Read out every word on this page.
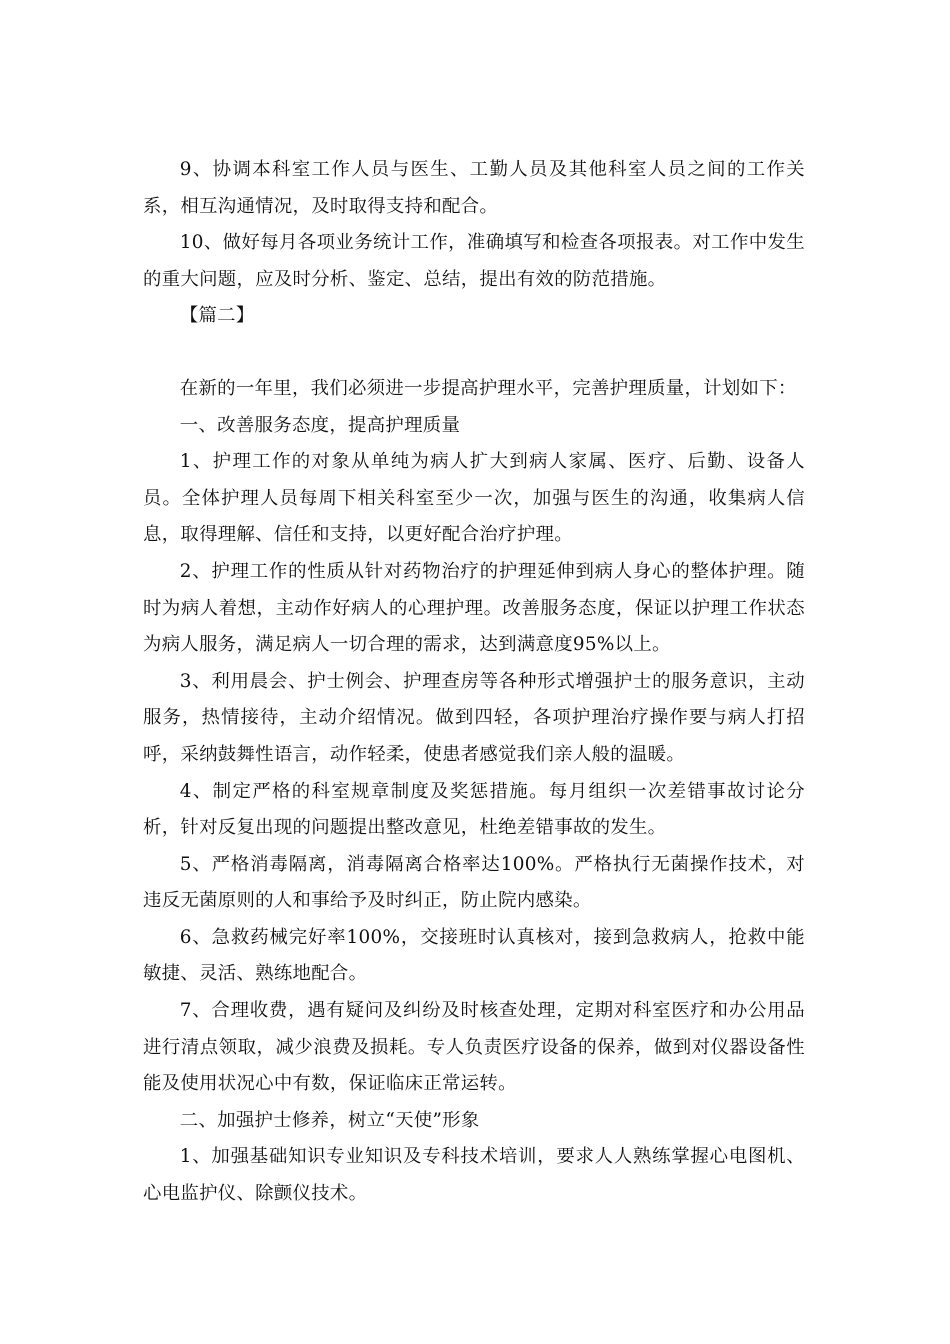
9、协调本科室工作人员与医生、工勤人员及其他科室人员之间的工作关系，相互沟通情况，及时取得支持和配合。

10、做好每月各项业务统计工作，准确填写和检查各项报表。对工作中发生的重大问题，应及时分析、鉴定、总结，提出有效的防范措施。

【篇二】

在新的一年里，我们必须进一步提高护理水平，完善护理质量，计划如下：

一、改善服务态度，提高护理质量

1、护理工作的对象从单纯为病人扩大到病人家属、医疗、后勤、设备人员。全体护理人员每周下相关科室至少一次，加强与医生的沟通，收集病人信息，取得理解、信任和支持，以更好配合治疗护理。

2、护理工作的性质从针对药物治疗的护理延伸到病人身心的整体护理。随时为病人着想，主动作好病人的心理护理。改善服务态度，保证以护理工作状态为病人服务，满足病人一切合理的需求，达到满意度95%以上。

3、利用晨会、护士例会、护理查房等各种形式增强护士的服务意识，主动服务，热情接待，主动介绍情况。做到四轻，各项护理治疗操作要与病人打招呼，采纳鼓舞性语言，动作轻柔，使患者感觉我们亲人般的温暖。

4、制定严格的科室规章制度及奖惩措施。每月组织一次差错事故讨论分析，针对反复出现的问题提出整改意见，杜绝差错事故的发生。

5、严格消毒隔离，消毒隔离合格率达100%。严格执行无菌操作技术，对违反无菌原则的人和事给予及时纠正，防止院内感染。

6、急救药械完好率100%，交接班时认真核对，接到急救病人，抢救中能敏捷、灵活、熟练地配合。

7、合理收费，遇有疑问及纠纷及时核查处理，定期对科室医疗和办公用品进行清点领取，减少浪费及损耗。专人负责医疗设备的保养，做到对仪器设备性能及使用状况心中有数，保证临床正常运转。

二、加强护士修养，树立“天使”形象

1、加强基础知识专业知识及专科技术培训，要求人人熟练掌握心电图机、心电监护仪、除颤仪技术。
